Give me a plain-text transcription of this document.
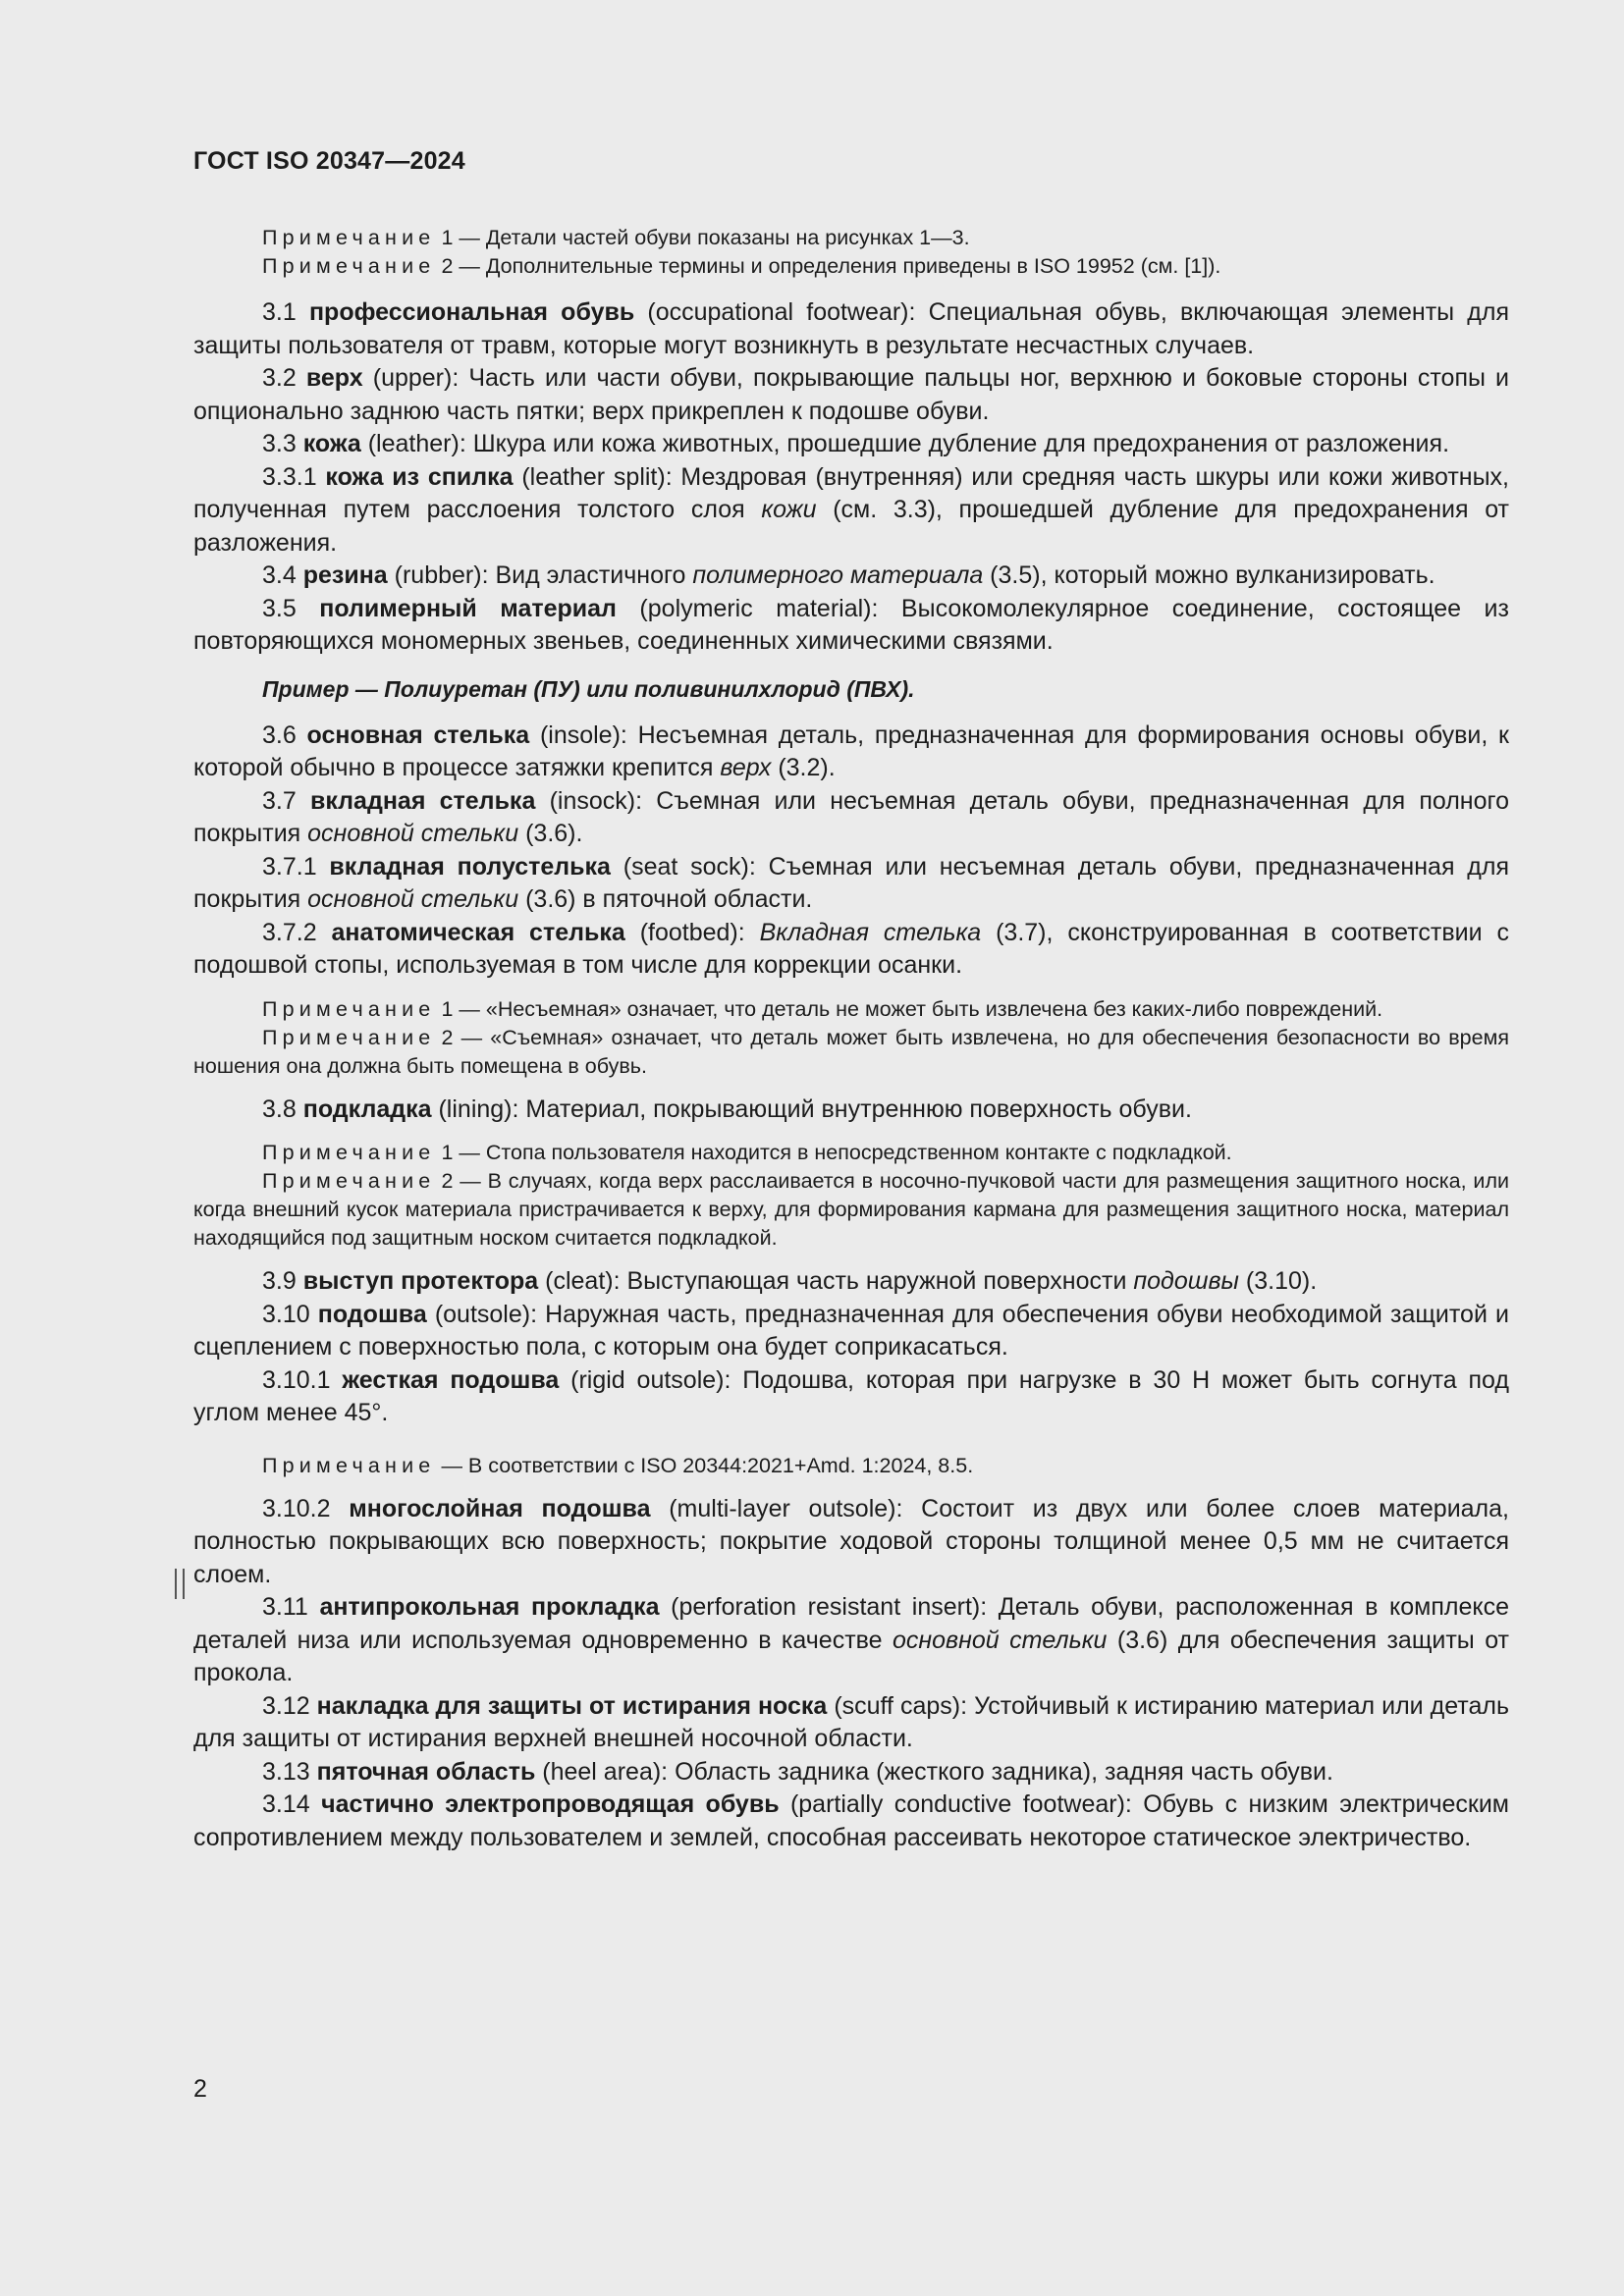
ГОСТ ISO 20347—2024

Примечание 1 — Детали частей обуви показаны на рисунках 1—3.

Примечание 2 — Дополнительные термины и определения приведены в ISO 19952 (см. [1]).

3.1 профессиональная обувь (occupational footwear): Специальная обувь, включающая элементы для защиты пользователя от травм, которые могут возникнуть в результате несчастных случаев.

3.2 верх (upper): Часть или части обуви, покрывающие пальцы ног, верхнюю и боковые стороны стопы и опционально заднюю часть пятки; верх прикреплен к подошве обуви.

3.3 кожа (leather): Шкура или кожа животных, прошедшие дубление для предохранения от разложения.

3.3.1 кожа из спилка (leather split): Мездровая (внутренняя) или средняя часть шкуры или кожи животных, полученная путем расслоения толстого слоя кожи (см. 3.3), прошедшей дубление для предохранения от разложения.

3.4 резина (rubber): Вид эластичного полимерного материала (3.5), который можно вулканизировать.

3.5 полимерный материал (polymeric material): Высокомолекулярное соединение, состоящее из повторяющихся мономерных звеньев, соединенных химическими связями.

Пример — Полиуретан (ПУ) или поливинилхлорид (ПВХ).

3.6 основная стелька (insole): Несъемная деталь, предназначенная для формирования основы обуви, к которой обычно в процессе затяжки крепится верх (3.2).

3.7 вкладная стелька (insock): Съемная или несъемная деталь обуви, предназначенная для полного покрытия основной стельки (3.6).

3.7.1 вкладная полустелька (seat sock): Съемная или несъемная деталь обуви, предназначенная для покрытия основной стельки (3.6) в пяточной области.

3.7.2 анатомическая стелька (footbed): Вкладная стелька (3.7), сконструированная в соответствии с подошвой стопы, используемая в том числе для коррекции осанки.

Примечание 1 — «Несъемная» означает, что деталь не может быть извлечена без каких-либо повреждений.

Примечание 2 — «Съемная» означает, что деталь может быть извлечена, но для обеспечения безопасности во время ношения она должна быть помещена в обувь.

3.8 подкладка (lining): Материал, покрывающий внутреннюю поверхность обуви.

Примечание 1 — Стопа пользователя находится в непосредственном контакте с подкладкой.

Примечание 2 — В случаях, когда верх расслаивается в носочно-пучковой части для размещения защитного носка, или когда внешний кусок материала пристрачивается к верху, для формирования кармана для размещения защитного носка, материал находящийся под защитным носком считается подкладкой.

3.9 выступ протектора (cleat): Выступающая часть наружной поверхности подошвы (3.10).

3.10 подошва (outsole): Наружная часть, предназначенная для обеспечения обуви необходимой защитой и сцеплением с поверхностью пола, с которым она будет соприкасаться.

3.10.1 жесткая подошва (rigid outsole): Подошва, которая при нагрузке в 30 Н может быть согнута под углом менее 45°.

Примечание — В соответствии с ISO 20344:2021+Amd. 1:2024, 8.5.

3.10.2 многослойная подошва (multi-layer outsole): Состоит из двух или более слоев материала, полностью покрывающих всю поверхность; покрытие ходовой стороны толщиной менее 0,5 мм не считается слоем.

3.11 антипрокольная прокладка (perforation resistant insert): Деталь обуви, расположенная в комплексе деталей низа или используемая одновременно в качестве основной стельки (3.6) для обеспечения защиты от прокола.

3.12 накладка для защиты от истирания носка (scuff caps): Устойчивый к истиранию материал или деталь для защиты от истирания верхней внешней носочной области.

3.13 пяточная область (heel area): Область задника (жесткого задника), задняя часть обуви.

3.14 частично электропроводящая обувь (partially conductive footwear): Обувь с низким электрическим сопротивлением между пользователем и землей, способная рассеивать некоторое статическое электричество.

2
